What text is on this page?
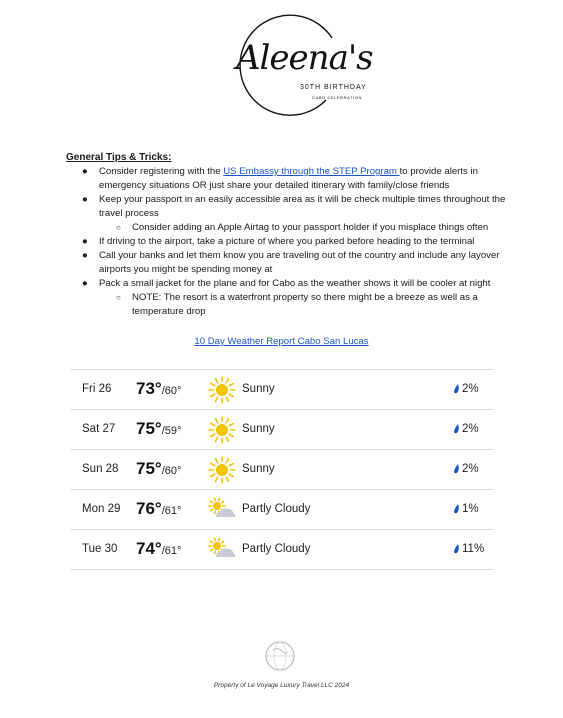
Aleena's
30TH BIRTHDAY
CABO CELEBRATION
General Tips & Tricks:

● Consider registering with the US Embassy through the STEP Program to provide alerts in emergency situations OR just share your detailed itinerary with family/close friends

● Keep your passport in an easily accessible area as it will be check multiple times throughout the travel process

○ Consider adding an Apple Airtag to your passport holder if you misplace things often

● If driving to the airport, take a picture of where you parked before heading to the terminal

● Call your banks and let them know you are traveling out of the country and include any layover airports you might be spending money at

● Pack a small jacket for the plane and for Cabo as the weather shows it will be cooler at night

○ NOTE: The resort is a waterfront property so there might be a breeze as well as a temperature drop

10 Day Weather Report Cabo San Lucas
Fri 26 73°/60°	Sunny	2%
Sat 27 75°/59°	Sunny	2%
Sun 28 75°/60°	Sunny	2%
Mon 29 76°/61°	Partly Cloudy	1%
Tue 30 74°/61°	Partly Cloudy	11%
Property of Le Voyage Luxury Travel LLC 2024
